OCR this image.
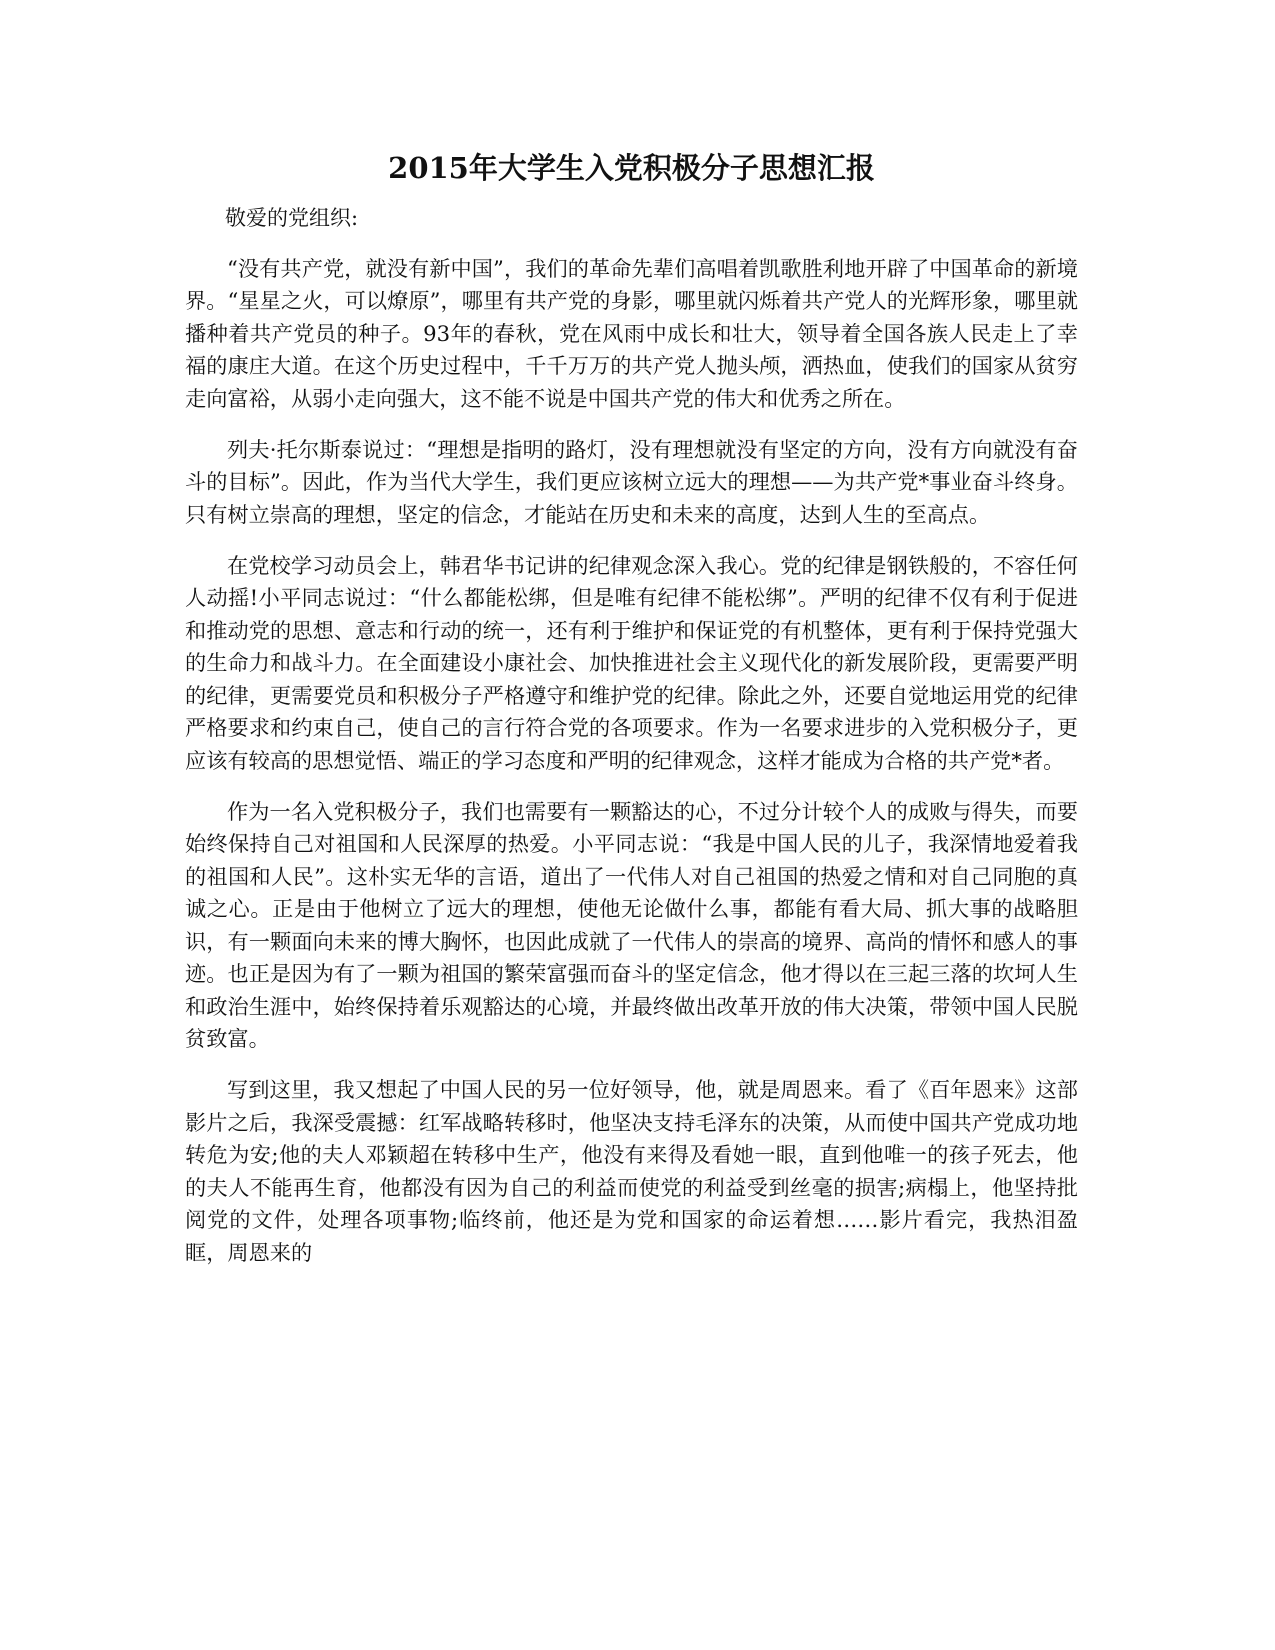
2015年大学生入党积极分子思想汇报

敬爱的党组织:

“没有共产党，就没有新中国”，我们的革命先辈们高唱着凯歌胜利地开辟了中国革命的新境界。“星星之火，可以燎原”，哪里有共产党的身影，哪里就闪烁着共产党人的光辉形象，哪里就播种着共产党员的种子。93年的春秋，党在风雨中成长和壮大，领导着全国各族人民走上了幸福的康庄大道。在这个历史过程中，千千万万的共产党人抛头颅，洒热血，使我们的国家从贫穷走向富裕，从弱小走向强大，这不能不说是中国共产党的伟大和优秀之所在。

列夫·托尔斯泰说过：“理想是指明的路灯，没有理想就没有坚定的方向，没有方向就没有奋斗的目标”。因此，作为当代大学生，我们更应该树立远大的理想——为共产党*事业奋斗终身。只有树立崇高的理想，坚定的信念，才能站在历史和未来的高度，达到人生的至高点。

在党校学习动员会上，韩君华书记讲的纪律观念深入我心。党的纪律是钢铁般的，不容任何人动摇!小平同志说过：“什么都能松绑，但是唯有纪律不能松绑”。严明的纪律不仅有利于促进和推动党的思想、意志和行动的统一，还有利于维护和保证党的有机整体，更有利于保持党强大的生命力和战斗力。在全面建设小康社会、加快推进社会主义现代化的新发展阶段，更需要严明的纪律，更需要党员和积极分子严格遵守和维护党的纪律。除此之外，还要自觉地运用党的纪律严格要求和约束自己，使自己的言行符合党的各项要求。作为一名要求进步的入党积极分子，更应该有较高的思想觉悟、端正的学习态度和严明的纪律观念，这样才能成为合格的共产党*者。

作为一名入党积极分子，我们也需要有一颗豁达的心，不过分计较个人的成败与得失，而要始终保持自己对祖国和人民深厚的热爱。小平同志说：“我是中国人民的儿子，我深情地爱着我的祖国和人民”。这朴实无华的言语，道出了一代伟人对自己祖国的热爱之情和对自己同胞的真诚之心。正是由于他树立了远大的理想，使他无论做什么事，都能有看大局、抓大事的战略胆识，有一颗面向未来的博大胸怀，也因此成就了一代伟人的崇高的境界、高尚的情怀和感人的事迹。也正是因为有了一颗为祖国的繁荣富强而奋斗的坚定信念，他才得以在三起三落的坎坷人生和政治生涯中，始终保持着乐观豁达的心境，并最终做出改革开放的伟大决策，带领中国人民脱贫致富。

写到这里，我又想起了中国人民的另一位好领导，他，就是周恩来。看了《百年恩来》这部影片之后，我深受震撼：红军战略转移时，他坚决支持毛泽东的决策，从而使中国共产党成功地转危为安;他的夫人邓颖超在转移中生产，他没有来得及看她一眼，直到他唯一的孩子死去，他的夫人不能再生育，他都没有因为自己的利益而使党的利益受到丝毫的损害;病榻上，他坚持批阅党的文件，处理各项事物;临终前，他还是为党和国家的命运着想……影片看完，我热泪盈眶，周恩来的
